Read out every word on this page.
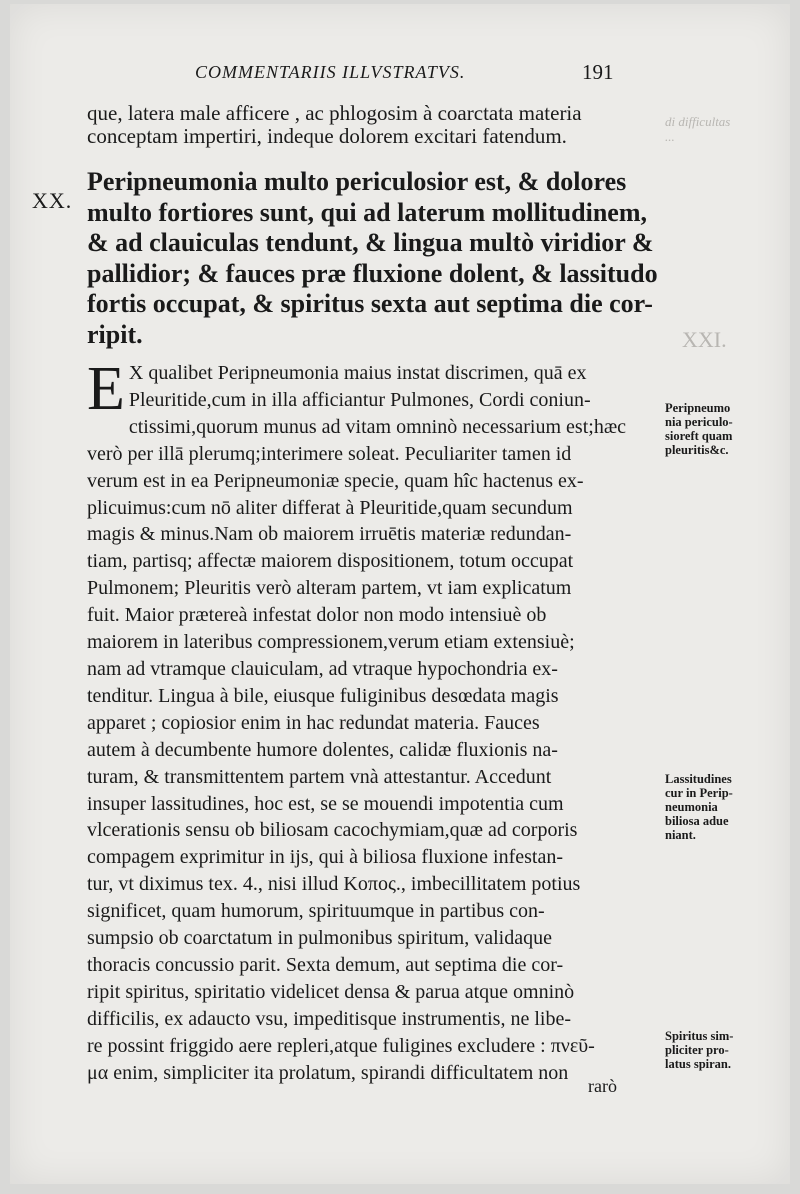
COMMENTARIIS ILLVSTRATVS.	191
que, latera male afficere , ac phlogosim à coarctata materia
conceptam impertiri, indeque dolorem excitari fatendum.
di difficultas
...
XXI.
XX.
Peripneumonia multo periculosior est, & dolores
multo fortiores sunt, qui ad laterum mollitudinem,
& ad clauiculas tendunt, & lingua multò viridior &
pallidior; & fauces præ fluxione dolent, & lassitudo
fortis occupat, & spiritus sexta aut septima die cor-
ripit.
E X qualibet Peripneumonia maius instat discrimen, quā ex
Pleuritide,cum in illa afficiantur Pulmones, Cordi coniun-
ctissimi,quorum munus ad vitam omninò necessarium est;hæc
verò per illā plerumq;interimere soleat. Peculiariter tamen id
verum est in ea Peripneumoniæ specie, quam hîc hactenus ex-
plicuimus:cum nō aliter differat à Pleuritide,quam secundum
magis & minus.Nam ob maiorem irruētis materiæ redundan-
tiam, partisq; affectæ maiorem dispositionem, totum occupat
Pulmonem; Pleuritis verò alteram partem, vt iam explicatum
fuit. Maior prætereà infestat dolor non modo intensiuè ob
maiorem in lateribus compressionem,verum etiam extensiuè;
nam ad vtramque clauiculam, ad vtraque hypochondria ex-
tenditur. Lingua à bile, eiusque fuliginibus desœdata magis
apparet ; copiosior enim in hac redundat materia. Fauces
autem à decumbente humore dolentes, calidæ fluxionis na-
turam, & transmittentem partem vnà attestantur. Accedunt
insuper lassitudines, hoc est, se se mouendi impotentia cum
vlcerationis sensu ob biliosam cacochymiam,quæ ad corporis
compagem exprimitur in ijs, qui à biliosa fluxione infestan-
tur, vt diximus tex. 4., nisi illud Κοπος., imbecillitatem potius
significet, quam humorum, spirituumque in partibus con-
sumpsio ob coarctatum in pulmonibus spiritum, validaque
thoracis concussio parit. Sexta demum, aut septima die cor-
ripit spiritus, spiritatio videlicet densa & parua atque omninò
difficilis, ex adaucto vsu, impeditisque instrumentis, ne libe-
re possint friggido aere repleri,atque fuligines excludere : πνεῦ-
μα enim, simpliciter ita prolatum, spirandi difficultatem non
Peripneumo
nia periculo-
sioreft quam
pleuritis&c.
Lassitudines
cur in Perip-
neumonia
biliosa adue
niant.
Spiritus sim-
pliciter pro-
latus spiran.
rarò
